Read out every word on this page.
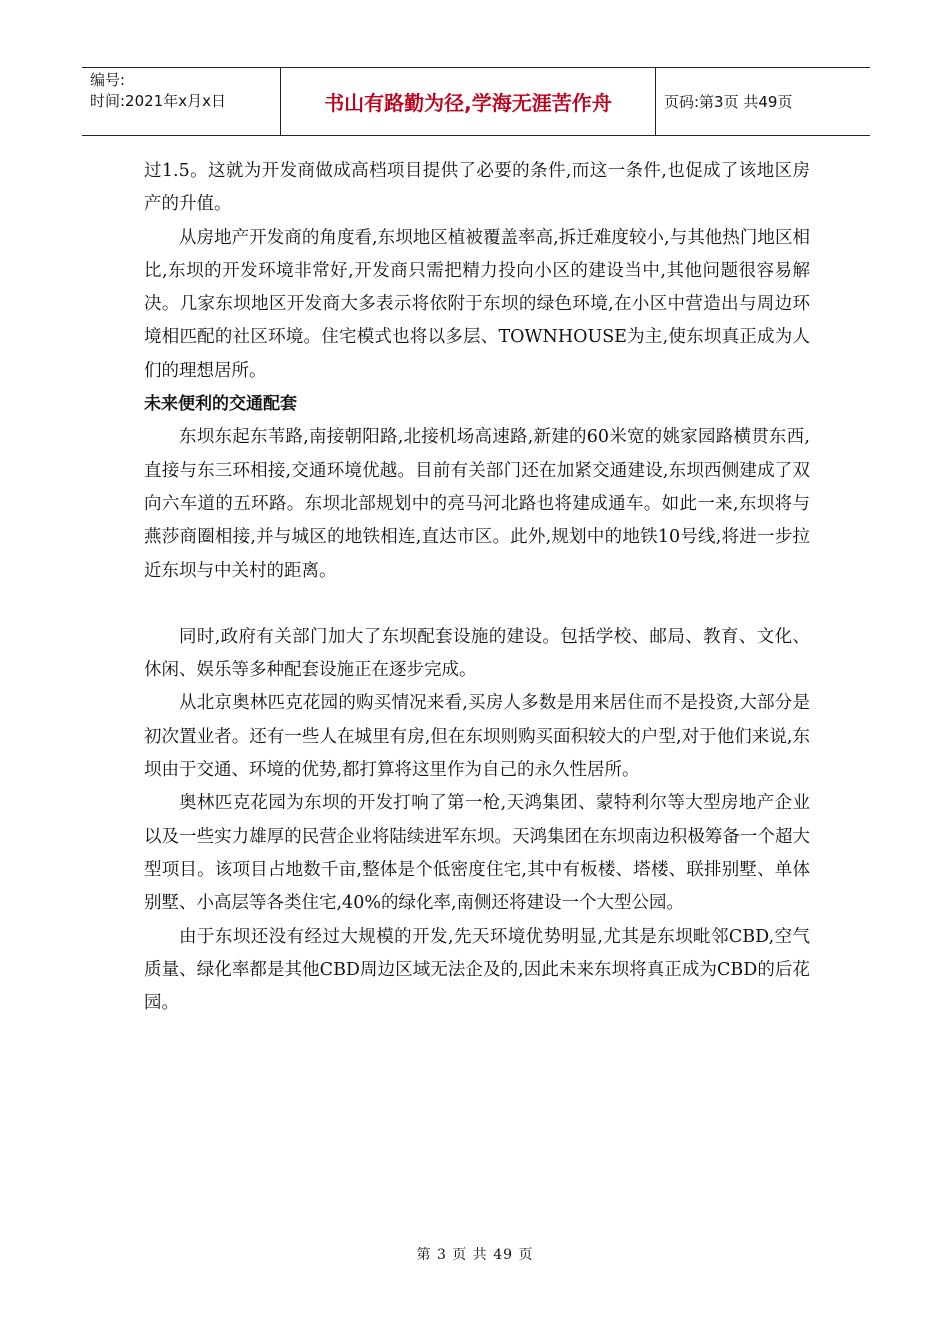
编号:
时间:2021年x月x日	书山有路勤为径,学海无涯苦作舟	页码:第3页 共49页

过1.5。这就为开发商做成高档项目提供了必要的条件,而这一条件,也促成了该地区房产的升值。

从房地产开发商的角度看,东坝地区植被覆盖率高,拆迁难度较小,与其他热门地区相比,东坝的开发环境非常好,开发商只需把精力投向小区的建设当中,其他问题很容易解决。几家东坝地区开发商大多表示将依附于东坝的绿色环境,在小区中营造出与周边环境相匹配的社区环境。住宅模式也将以多层、TOWNHOUSE为主,使东坝真正成为人们的理想居所。

未来便利的交通配套

东坝东起东苇路,南接朝阳路,北接机场高速路,新建的60米宽的姚家园路横贯东西,直接与东三环相接,交通环境优越。目前有关部门还在加紧交通建设,东坝西侧建成了双向六车道的五环路。东坝北部规划中的亮马河北路也将建成通车。如此一来,东坝将与燕莎商圈相接,并与城区的地铁相连,直达市区。此外,规划中的地铁10号线,将进一步拉近东坝与中关村的距离。

同时,政府有关部门加大了东坝配套设施的建设。包括学校、邮局、教育、文化、休闲、娱乐等多种配套设施正在逐步完成。

从北京奥林匹克花园的购买情况来看,买房人多数是用来居住而不是投资,大部分是初次置业者。还有一些人在城里有房,但在东坝则购买面积较大的户型,对于他们来说,东坝由于交通、环境的优势,都打算将这里作为自己的永久性居所。

奥林匹克花园为东坝的开发打响了第一枪,天鸿集团、蒙特利尔等大型房地产企业以及一些实力雄厚的民营企业将陆续进军东坝。天鸿集团在东坝南边积极筹备一个超大型项目。该项目占地数千亩,整体是个低密度住宅,其中有板楼、塔楼、联排别墅、单体别墅、小高层等各类住宅,40%的绿化率,南侧还将建设一个大型公园。

由于东坝还没有经过大规模的开发,先天环境优势明显,尤其是东坝毗邻CBD,空气质量、绿化率都是其他CBD周边区域无法企及的,因此未来东坝将真正成为CBD的后花园。

第 3 页 共 49 页
